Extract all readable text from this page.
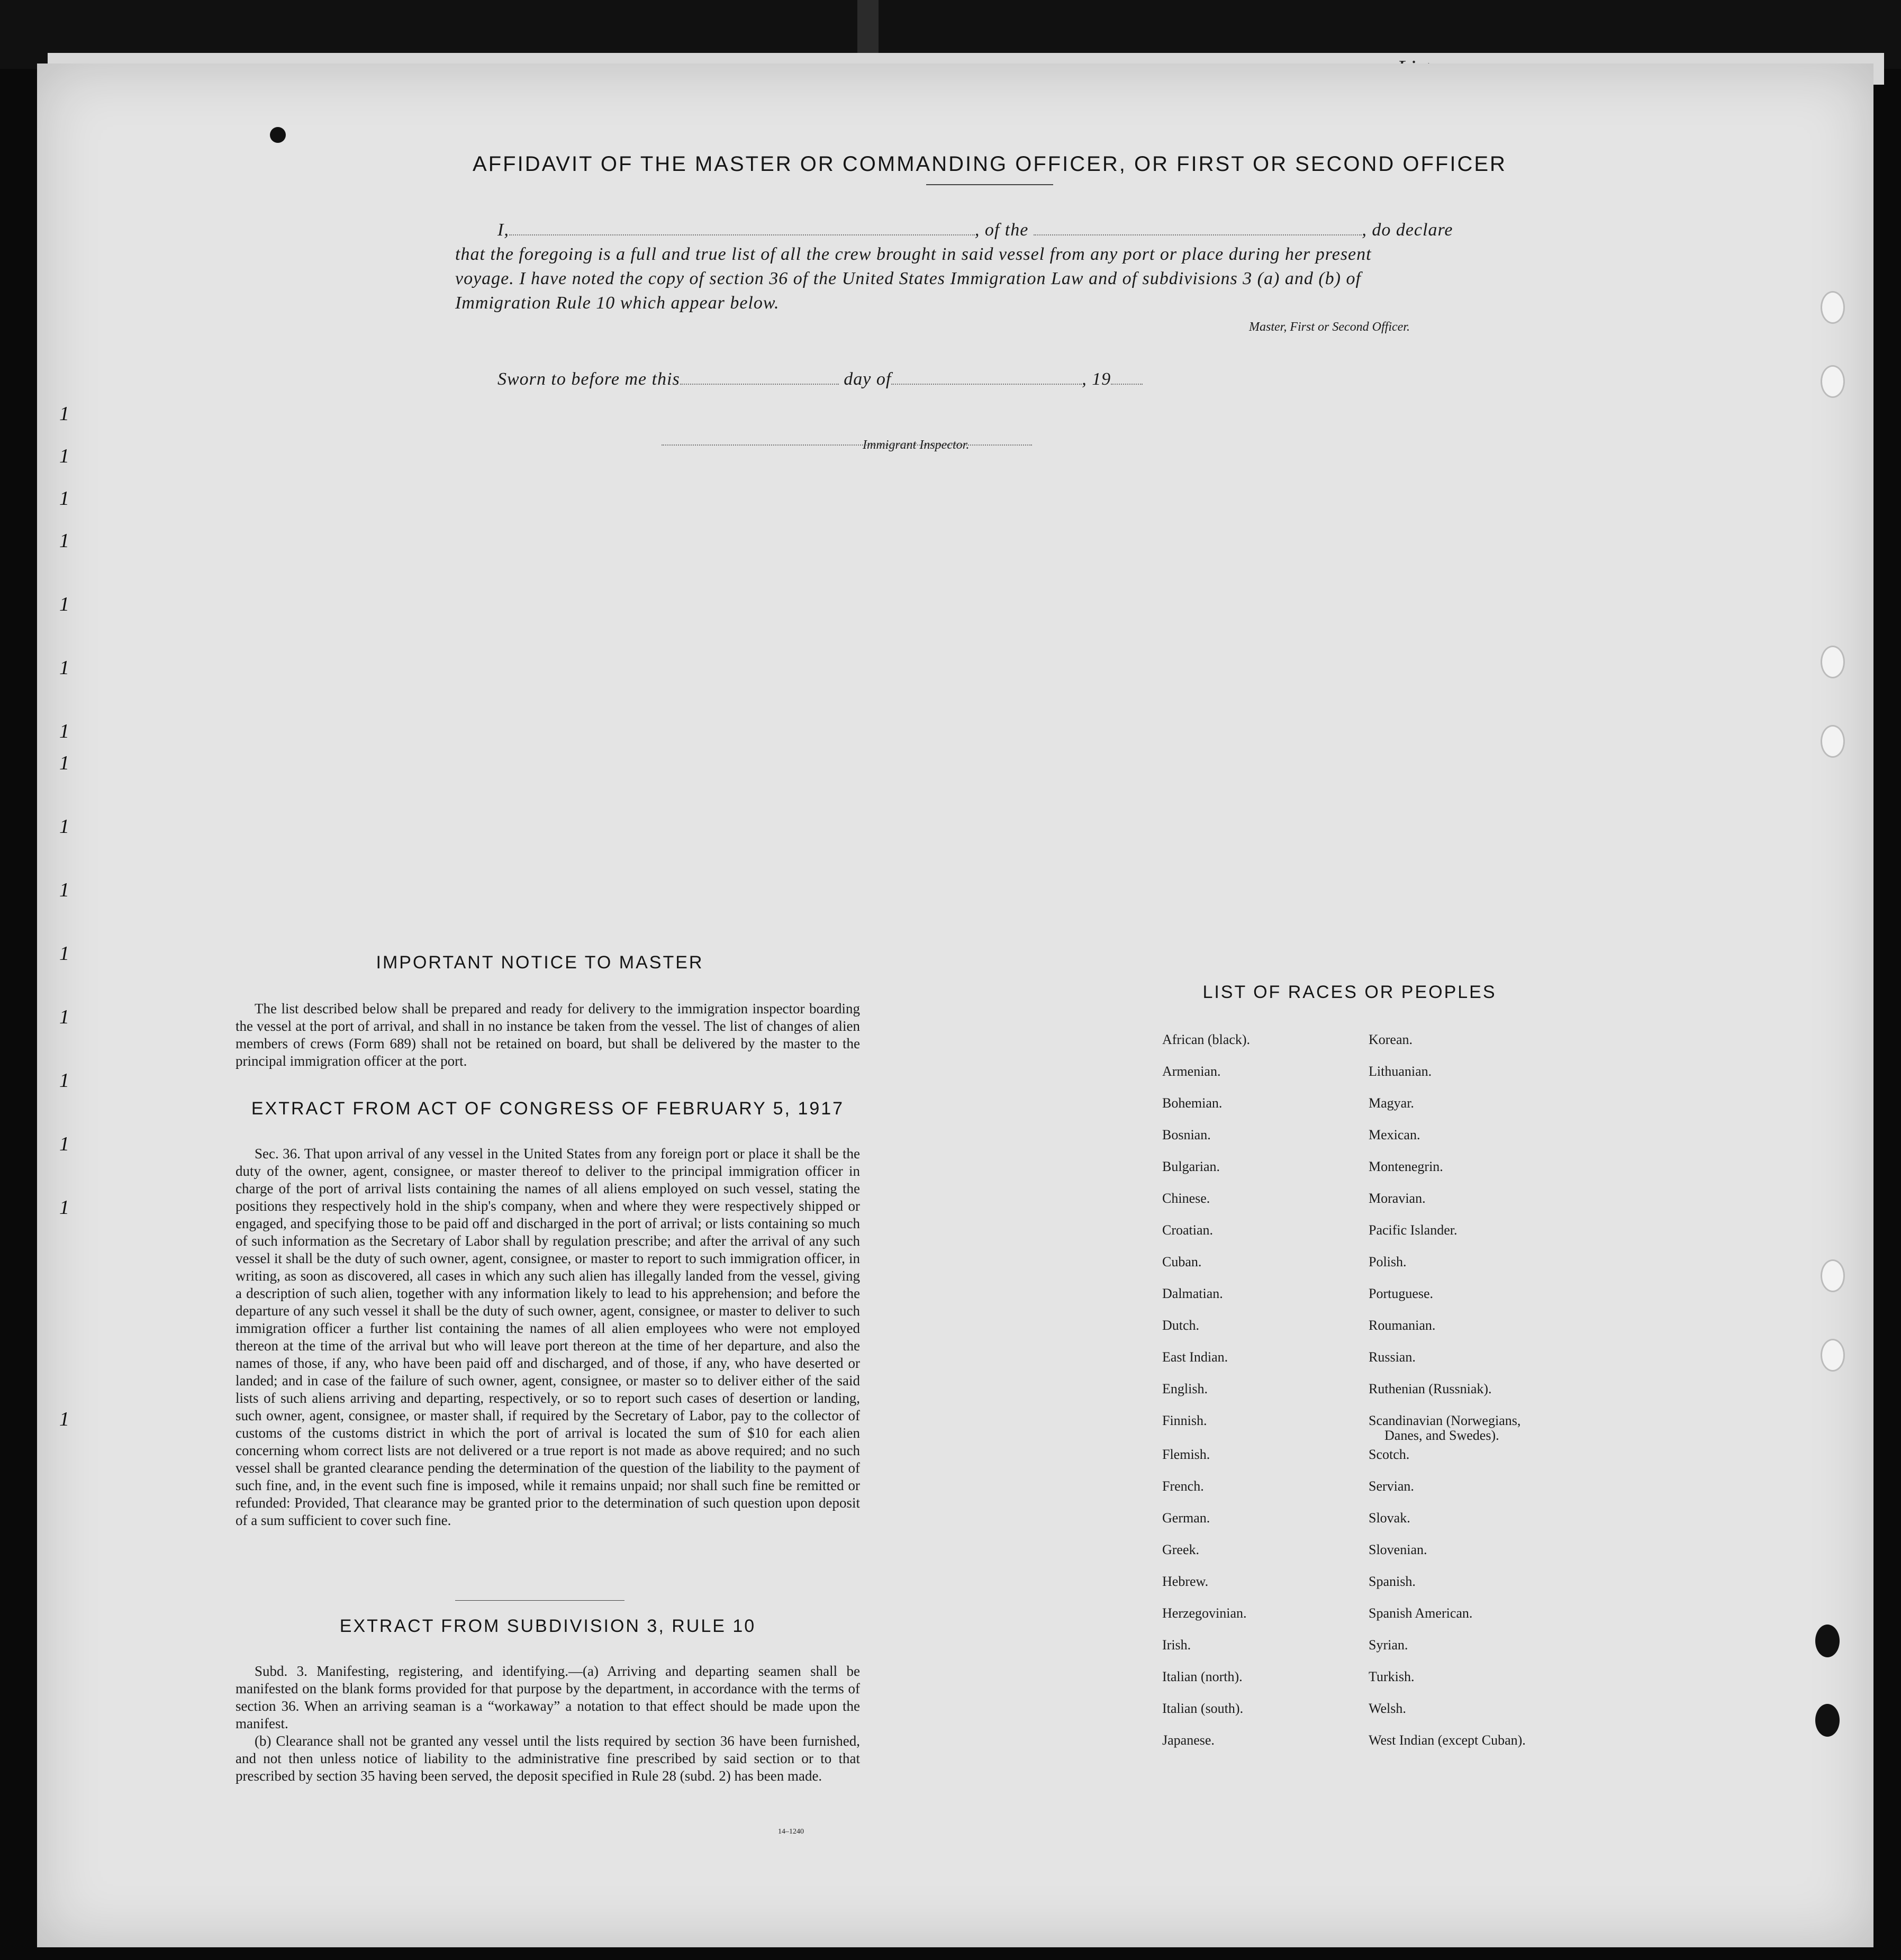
1
1
1
1
1
1
1
1
1
1
1
1
1
1
1
1
AFFIDAVIT OF THE MASTER OR COMMANDING OFFICER, OR FIRST OR SECOND OFFICER
I,	, of the	, do declare
that the foregoing is a full and true list of all the crew brought in said vessel from any port or place during her present
voyage. I have noted the copy of section 36 of the United States Immigration Law and of subdivisions 3 (a) and (b) of
Immigration Rule 10 which appear below.
Master, First or Second Officer.
Sworn to before me this	day of	, 19
Immigrant Inspector.
IMPORTANT NOTICE TO MASTER
The list described below shall be prepared and ready for delivery to the immigration inspector boarding the vessel at the port of arrival, and shall in no instance be taken from the vessel. The list of changes of alien members of crews (Form 689) shall not be retained on board, but shall be delivered by the master to the principal immigration officer at the port.
EXTRACT FROM ACT OF CONGRESS OF FEBRUARY 5, 1917
Sec. 36. That upon arrival of any vessel in the United States from any foreign port or place it shall be the duty of the owner, agent, consignee, or master thereof to deliver to the principal immigration officer in charge of the port of arrival lists containing the names of all aliens employed on such vessel, stating the positions they respectively hold in the ship's company, when and where they were respectively shipped or engaged, and specifying those to be paid off and discharged in the port of arrival; or lists containing so much of such information as the Secretary of Labor shall by regulation prescribe; and after the arrival of any such vessel it shall be the duty of such owner, agent, consignee, or master to report to such immigration officer, in writing, as soon as discovered, all cases in which any such alien has illegally landed from the vessel, giving a description of such alien, together with any information likely to lead to his apprehension; and before the departure of any such vessel it shall be the duty of such owner, agent, consignee, or master to deliver to such immigration officer a further list containing the names of all alien employees who were not employed thereon at the time of the arrival but who will leave port thereon at the time of her departure, and also the names of those, if any, who have been paid off and discharged, and of those, if any, who have deserted or landed; and in case of the failure of such owner, agent, consignee, or master so to deliver either of the said lists of such aliens arriving and departing, respectively, or so to report such cases of desertion or landing, such owner, agent, consignee, or master shall, if required by the Secretary of Labor, pay to the collector of customs of the customs district in which the port of arrival is located the sum of $10 for each alien concerning whom correct lists are not delivered or a true report is not made as above required; and no such vessel shall be granted clearance pending the determination of the question of the liability to the payment of such fine, and, in the event such fine is imposed, while it remains unpaid; nor shall such fine be remitted or refunded: Provided, That clearance may be granted prior to the determination of such question upon deposit of a sum sufficient to cover such fine.
EXTRACT FROM SUBDIVISION 3, RULE 10
Subd. 3. Manifesting, registering, and identifying.—(a) Arriving and departing seamen shall be manifested on the blank forms provided for that purpose by the department, in accordance with the terms of section 36. When an arriving seaman is a “workaway” a notation to that effect should be made upon the manifest.
(b) Clearance shall not be granted any vessel until the lists required by section 36 have been furnished, and not then unless notice of liability to the administrative fine prescribed by said section or to that prescribed by section 35 having been served, the deposit specified in Rule 28 (subd. 2) has been made.
14–1240
LIST OF RACES OR PEOPLES
African (black).
Armenian.
Bohemian.
Bosnian.
Bulgarian.
Chinese.
Croatian.
Cuban.
Dalmatian.
Dutch.
East Indian.
English.
Finnish.
Flemish.
French.
German.
Greek.
Hebrew.
Herzegovinian.
Irish.
Italian (north).
Italian (south).
Japanese.
Korean.
Lithuanian.
Magyar.
Mexican.
Montenegrin.
Moravian.
Pacific Islander.
Polish.
Portuguese.
Roumanian.
Russian.
Ruthenian (Russniak).
Scandinavian (Norwegians,
Danes, and Swedes).
Scotch.
Servian.
Slovak.
Slovenian.
Spanish.
Spanish American.
Syrian.
Turkish.
Welsh.
West Indian (except Cuban).
